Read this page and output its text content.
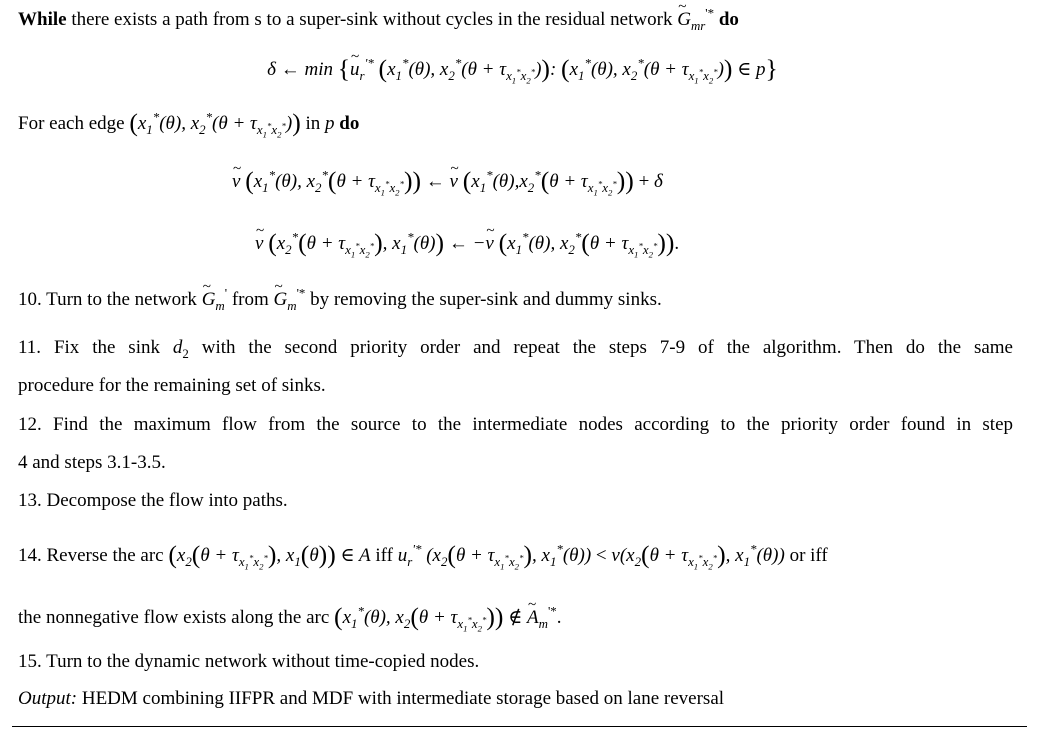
While there exists a path from s to a super-sink without cycles in the residual network ~ $G_{mr}^{'*}$ do
δ ← min {~ $u_r^{'*}$ ($x_1^*(\theta)$, $x_2^*(\theta + \tau_{x_1^*x_2^*})$): ($x_1^*(\theta)$, $x_2^*(\theta + \tau_{x_1^*x_2^*})$) ∈ p}
For each edge ($x_1^*(\theta)$, $x_2^*(\theta + \tau_{x_1^*x_2^*})$) in p do
~ v ($x_1^*(\theta)$, $x_2^*(\theta + \tau_{x_1^*x_2^*})$) ← ~ v $(x_1^*(\theta),x_2^*(\theta + \tau_{x_1^*x_2^*})) + \delta$
~ v ($x_2^*(\theta + \tau_{x_1^*x_2^*})$, $x_1^*(\theta)$) ← −~ v ($x_1^*(\theta)$, $x_2^*(\theta + \tau_{x_1^*x_2^*})$).
10. Turn to the network ~ $G_m'$ from ~ $G_m^{'*}$ by removing the super-sink and dummy sinks.
11. Fix the sink $d_2$ with the second priority order and repeat the steps 7-9 of the algorithm. Then do the same
procedure for the remaining set of sinks.
12. Find the maximum flow from the source to the intermediate nodes according to the priority order found in step
4 and steps 3.1-3.5.
13. Decompose the flow into paths.
14. Reverse the arc ($x_2(\theta + \tau_{x_1^*x_2^*})$, $x_1(\theta)$) ∈ A iff $u_r^{'*}$ ($x_2(\theta + \tau_{x_1^*x_2^*})$, $x_1^*(\theta)) < v(x_2(\theta + \tau_{x_1^*x_2^*})$, $x_1^*(\theta)$) or iff
the nonnegative flow exists along the arc ($x_1^*(\theta)$, $x_2(\theta + \tau_{x_1^*x_2^*})$) ∉ ~ $A_m^{'*}$.
15. Turn to the dynamic network without time-copied nodes.
Output: HEDM combining IIFPR and MDF with intermediate storage based on lane reversal
